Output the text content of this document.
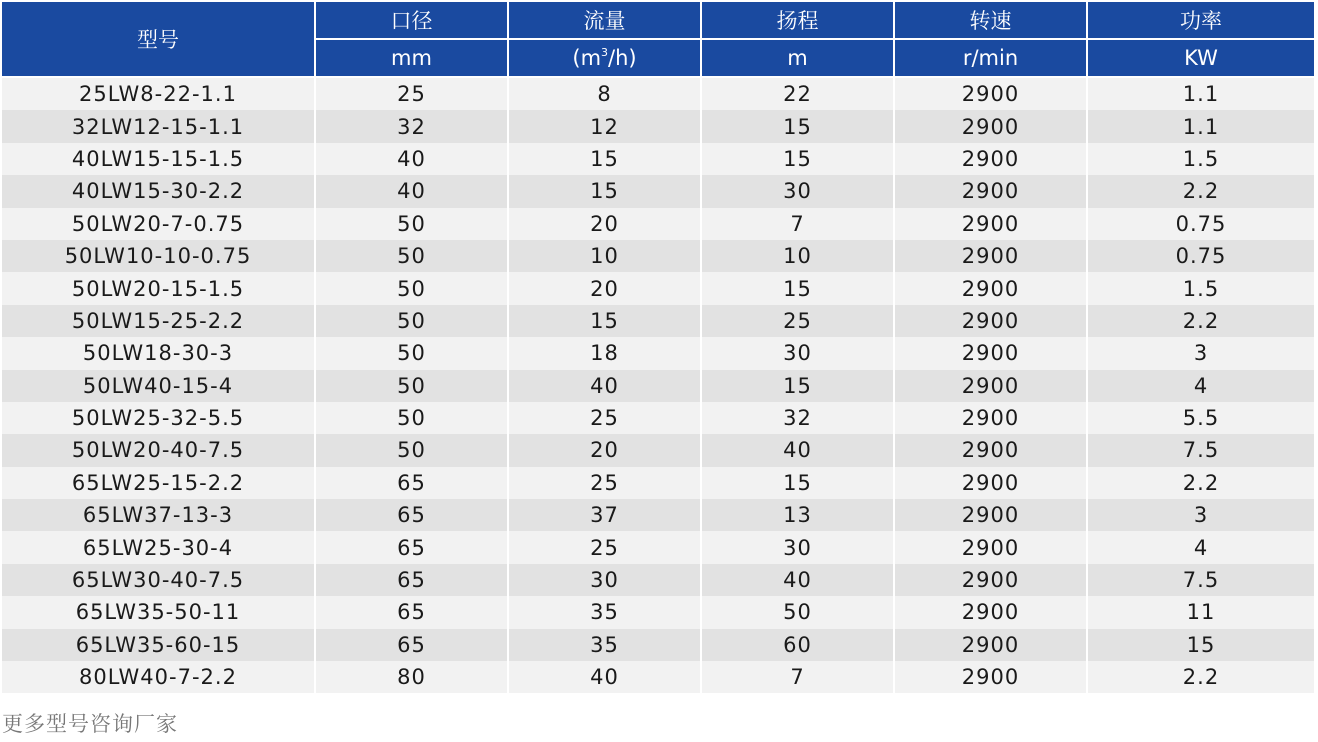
型号	口径	流量	扬程	转速	功率
	mm	$(m^3/h)$	m	r/min	KW
25LW8-22-1.1	25	8	22	2900	1.1
32LW12-15-1.1	32	12	15	2900	1.1
40LW15-15-1.5	40	15	15	2900	1.5
40LW15-30-2.2	40	15	30	2900	2.2
50LW20-7-0.75	50	20	7	2900	0.75
50LW10-10-0.75	50	10	10	2900	0.75
50LW20-15-1.5	50	20	15	2900	1.5
50LW15-25-2.2	50	15	25	2900	2.2
50LW18-30-3	50	18	30	2900	3
50LW40-15-4	50	40	15	2900	4
50LW25-32-5.5	50	25	32	2900	5.5
50LW20-40-7.5	50	20	40	2900	7.5
65LW25-15-2.2	65	25	15	2900	2.2
65LW37-13-3	65	37	13	2900	3
65LW25-30-4	65	25	30	2900	4
65LW30-40-7.5	65	30	40	2900	7.5
65LW35-50-11	65	35	50	2900	11
65LW35-60-15	65	35	60	2900	15
80LW40-7-2.2	80	40	7	2900	2.2
更多型号咨询厂家
